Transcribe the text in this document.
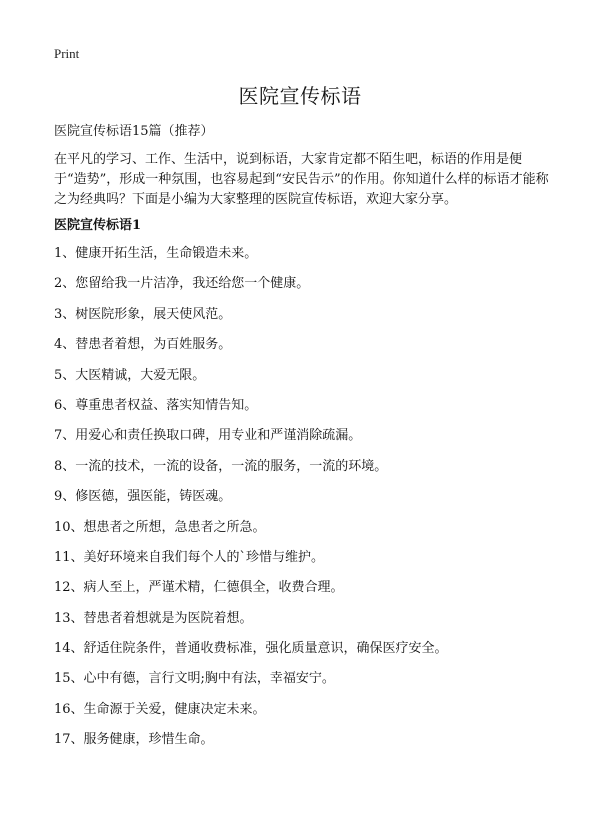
Print
医院宣传标语

医院宣传标语15篇（推荐）

在平凡的学习、工作、生活中，说到标语，大家肯定都不陌生吧，标语的作用是便于“造势”，形成一种氛围，也容易起到“安民告示”的作用。你知道什么样的标语才能称之为经典吗？下面是小编为大家整理的医院宣传标语，欢迎大家分享。

医院宣传标语1
1、健康开拓生活，生命锻造未来。
2、您留给我一片洁净，我还给您一个健康。
3、树医院形象，展天使风范。
4、替患者着想，为百姓服务。
5、大医精诚，大爱无限。
6、尊重患者权益、落实知情告知。
7、用爱心和责任换取口碑，用专业和严谨消除疏漏。
8、一流的技术，一流的设备，一流的服务，一流的环境。
9、修医德，强医能，铸医魂。
10、想患者之所想，急患者之所急。
11、美好环境来自我们每个人的`珍惜与维护。
12、病人至上，严谨术精，仁德俱全，收费合理。
13、替患者着想就是为医院着想。
14、舒适住院条件，普通收费标准，强化质量意识，确保医疗安全。
15、心中有德，言行文明;胸中有法，幸福安宁。
16、生命源于关爱，健康决定未来。
17、服务健康，珍惜生命。
